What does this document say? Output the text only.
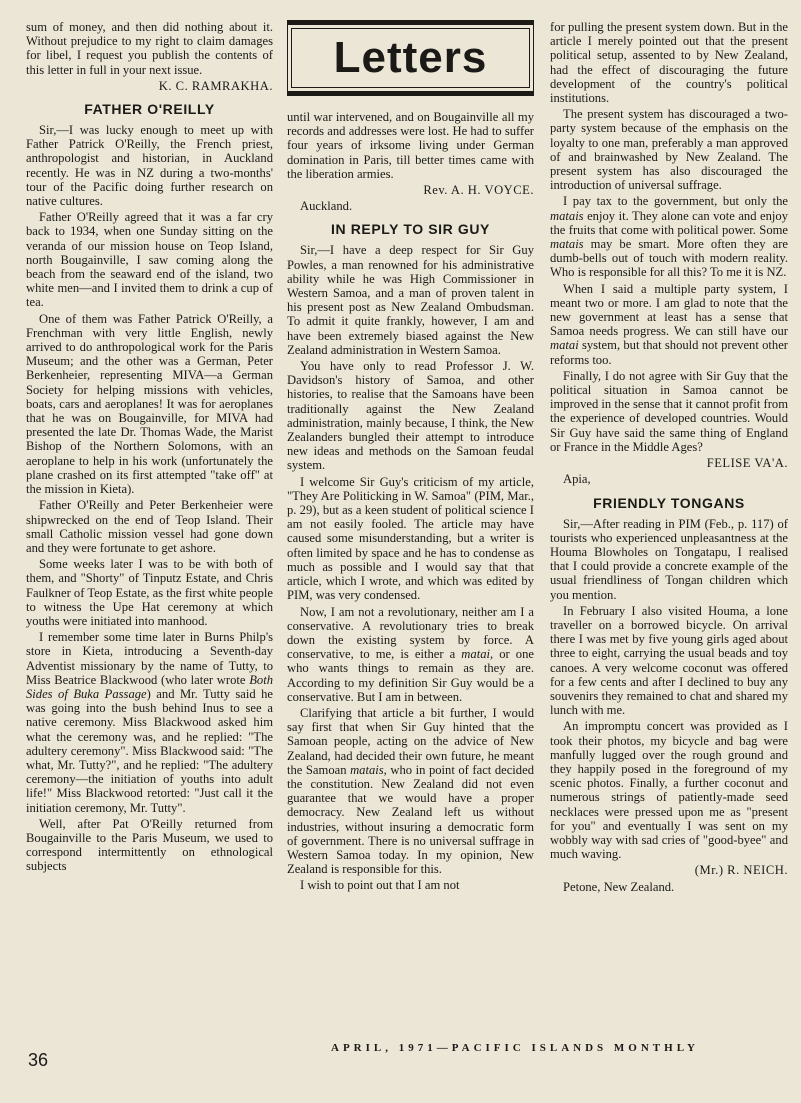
sum of money, and then did nothing about it. Without prejudice to my right to claim damages for libel, I request you publish the contents of this letter in full in your next issue.

K. C. RAMRAKHA.

FATHER O'REILLY

Sir,—I was lucky enough to meet up with Father Patrick O'Reilly, the French priest, anthropologist and historian, in Auckland recently. He was in NZ during a two-months' tour of the Pacific doing further research on native cultures.

Father O'Reilly agreed that it was a far cry back to 1934, when one Sunday sitting on the veranda of our mission house on Teop Island, north Bougainville, I saw coming along the beach from the seaward end of the island, two white men—and I invited them to drink a cup of tea.

One of them was Father Patrick O'Reilly, a Frenchman with very little English, newly arrived to do anthropological work for the Paris Museum; and the other was a German, Peter Berkenheier, representing MIVA—a German Society for helping missions with vehicles, boats, cars and aeroplanes! It was for aeroplanes that he was on Bougainville, for MIVA had presented the late Dr. Thomas Wade, the Marist Bishop of the Northern Solomons, with an aeroplane to help in his work (unfortunately the plane crashed on its first attempted "take off" at the mission in Kieta).

Father O'Reilly and Peter Berkenheier were shipwrecked on the end of Teop Island. Their small Catholic mission vessel had gone down and they were fortunate to get ashore.

Some weeks later I was to be with both of them, and "Shorty" of Tinputz Estate, and Chris Faulkner of Teop Estate, as the first white people to witness the Upe Hat ceremony at which youths were initiated into manhood.

I remember some time later in Burns Philp's store in Kieta, introducing a Seventh-day Adventist missionary by the name of Tutty, to Miss Beatrice Blackwood (who later wrote Both Sides of Buka Passage) and Mr. Tutty said he was going into the bush behind Inus to see a native ceremony. Miss Blackwood asked him what the ceremony was, and he replied: "The adultery ceremony". Miss Blackwood said: "The what, Mr. Tutty?", and he replied: "The adultery ceremony—the initiation of youths into adult life!" Miss Blackwood retorted: "Just call it the initiation ceremony, Mr. Tutty".

Well, after Pat O'Reilly returned from Bougainville to the Paris Museum, we used to correspond intermittently on ethnological subjects

Letters

until war intervened, and on Bougainville all my records and addresses were lost. He had to suffer four years of irksome living under German domination in Paris, till better times came with the liberation armies.

Rev. A. H. VOYCE.

Auckland.

IN REPLY TO SIR GUY

Sir,—I have a deep respect for Sir Guy Powles, a man renowned for his administrative ability while he was High Commissioner in Western Samoa, and a man of proven talent in his present post as New Zealand Ombudsman. To admit it quite frankly, however, I am and have been extremely biased against the New Zealand administration in Western Samoa.

You have only to read Professor J. W. Davidson's history of Samoa, and other histories, to realise that the Samoans have been traditionally against the New Zealand administration, mainly because, I think, the New Zealanders bungled their attempt to introduce new ideas and methods on the Samoan feudal system.

I welcome Sir Guy's criticism of my article, "They Are Politicking in W. Samoa" (PIM, Mar., p. 29), but as a keen student of political science I am not easily fooled. The article may have caused some misunderstanding, but a writer is often limited by space and he has to condense as much as possible and I would say that that article, which I wrote, and which was edited by PIM, was very condensed.

Now, I am not a revolutionary, neither am I a conservative. A revolutionary tries to break down the existing system by force. A conservative, to me, is either a matai, or one who wants things to remain as they are. According to my definition Sir Guy would be a conservative. But I am in between.

Clarifying that article a bit further, I would say first that when Sir Guy hinted that the Samoan people, acting on the advice of New Zealand, had decided their own future, he meant the Samoan matais, who in point of fact decided the constitution. New Zealand did not even guarantee that we would have a proper democracy. New Zealand left us without industries, without insuring a democratic form of government. There is no universal suffrage in Western Samoa today. In my opinion, New Zealand is responsible for this.

I wish to point out that I am not

for pulling the present system down. But in the article I merely pointed out that the present political setup, assented to by New Zealand, had the effect of discouraging the future development of the country's political institutions.

The present system has discouraged a two-party system because of the emphasis on the loyalty to one man, preferably a man approved of and brainwashed by New Zealand. The present system has also discouraged the introduction of universal suffrage.

I pay tax to the government, but only the matais enjoy it. They alone can vote and enjoy the fruits that come with political power. Some matais may be smart. More often they are dumb-bells out of touch with modern reality. Who is responsible for all this? To me it is NZ.

When I said a multiple party system, I meant two or more. I am glad to note that the new government at least has a sense that Samoa needs progress. We can still have our matai system, but that should not prevent other reforms too.

Finally, I do not agree with Sir Guy that the political situation in Samoa cannot be improved in the sense that it cannot profit from the experience of developed countries. Would Sir Guy have said the same thing of England or France in the Middle Ages?

FELISE VA'A.

Apia,

FRIENDLY TONGANS

Sir,—After reading in PIM (Feb., p. 117) of tourists who experienced unpleasantness at the Houma Blowholes on Tongatapu, I realised that I could provide a concrete example of the usual friendliness of Tongan children which you mention.

In February I also visited Houma, a lone traveller on a borrowed bicycle. On arrival there I was met by five young girls aged about three to eight, carrying the usual beads and toy canoes. A very welcome coconut was offered for a few cents and after I declined to buy any souvenirs they remained to chat and shared my lunch with me.

An impromptu concert was provided as I took their photos, my bicycle and bag were manfully lugged over the rough ground and they happily posed in the foreground of my scenic photos. Finally, a further coconut and numerous strings of patiently-made seed necklaces were pressed upon me as "present for you" and eventually I was sent on my wobbly way with sad cries of "good-byee" and much waving.

(Mr.) R. NEICH.

Petone, New Zealand.

36
APRIL, 1971—PACIFIC ISLANDS MONTHLY
